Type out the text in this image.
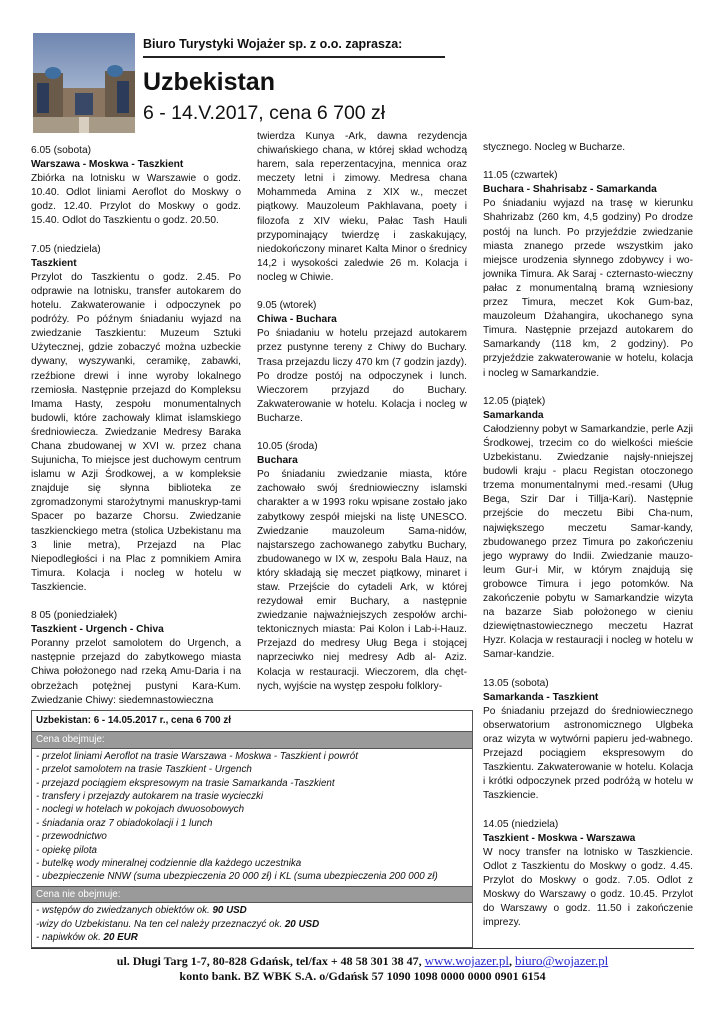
Biuro Turystyki Wojażer sp. z o.o. zaprasza:
Uzbekistan
6 - 14.V.2017, cena 6 700 zł
6.05 (sobota)
Warszawa - Moskwa - Taszkient
Zbiórka na lotnisku w Warszawie o godz. 10.40. Odlot liniami Aeroflot do Moskwy o godz. 12.40. Przylot do Moskwy o godz. 15.40. Odlot do Taszkientu o godz. 20.50.
7.05 (niedziela)
Taszkient
Przylot do Taszkientu o godz. 2.45. Po odprawie na lotnisku, transfer autokarem do hotelu. Zakwaterowanie i odpoczynek po podróży. Po późnym śniadaniu wyjazd na zwiedzanie Taszkientu: Muzeum Sztuki Użytecznej, gdzie zobaczyć można uzbeckie dywany, wyszywanki, ceramikę, zabawki, rzeźbione drewi i inne wyroby lokalnego rzemiosła. Następnie przejazd do Kompleksu Imama Hasty, zespołu monumentalnych budowli, które zachowały klimat islamskiego średniowiecza. Zwiedzanie Medresy Baraka Chana zbudowanej w XVI w. przez chana Sujunicha, To miejsce jest duchowym centrum islamu w Azji Środkowej, a w kompleksie znajduje się słynna biblioteka ze zgromadzonymi starożytnymi manuskryp-tami Spacer po bazarze Chorsu. Zwiedzanie taszkienckiego metra (stolica Uzbekistanu ma 3 linie metra), Przejazd na Plac Niepodległości i na Plac z pomnikiem Amira Timura. Kolacja i nocleg w hotelu w Taszkiencie.
8 05 (poniedziałek)
Taszkient - Urgench - Chiva
Poranny przelot samolotem do Urgench, a następnie przejazd do zabytkowego miasta Chiwa położonego nad rzeką Amu-Daria i na obrzeżach potężnej pustyni Kara-Kum. Zwiedzanie Chiwy: siedemnastowieczna
twierdza Kunya -Ark, dawna rezydencja chiwańskiego chana, w której skład wchodzą harem, sala reperzentacyjna, mennica oraz meczety letni i zimowy. Medresa chana Mohammeda Amina z XIX w., meczet piątkowy. Mauzoleum Pakhlavana, poety i filozofa z XIV wieku, Pałac Tash Hauli przypominający twierdzę i zaskakujący, niedokończony minaret Kalta Minor o średnicy 14,2 i wysokości zaledwie 26 m. Kolacja i nocleg w Chiwie.
9.05 (wtorek)
Chiwa - Buchara
Po śniadaniu w hotelu przejazd autokarem przez pustynne tereny z Chiwy do Buchary. Trasa przejazdu liczy 470 km (7 godzin jazdy). Po drodze postój na odpoczynek i lunch. Wieczorem przyjazd do Buchary. Zakwaterowanie w hotelu. Kolacja i nocleg w Bucharze.
10.05 (środa)
Buchara
Po śniadaniu zwiedzanie miasta, które zachowało swój średniowieczny islamski charakter a w 1993 roku wpisane zostało jako zabytkowy zespół miejski na listę UNESCO. Zwiedzanie mauzoleum Sama-nidów, najstarszego zachowanego zabytku Buchary, zbudowanego w IX w, zespołu Bala Hauz, na który składają się meczet piątkowy, minaret i staw. Przejście do cytadeli Ark, w której rezydował emir Buchary, a następnie zwiedzanie najważniejszych zespołów archi-tektonicznych miasta: Pai Kolon i Lab-i-Hauz. Przejazd do medresy Uług Bega i stojącej naprzeciwko niej medresy Adb al- Aziz. Kolacja w restauracji. Wieczorem, dla chęt-nych, wyjście na występ zespołu folklory-
stycznego. Nocleg w Bucharze.
11.05 (czwartek)
Buchara - Shahrisabz - Samarkanda
Po śniadaniu wyjazd na trasę w kierunku Shahrizabz (260 km, 4,5 godziny) Po drodze postój na lunch. Po przyjeździe zwiedzanie miasta znanego przede wszystkim jako miejsce urodzenia słynnego zdobywcy i wo-jownika Timura. Ak Saraj - czternasto-wieczny pałac z monumentalną bramą wzniesiony przez Timura, meczet Kok Gum-baz, mauzoleum Dżahangira, ukochanego syna Timura. Następnie przejazd autokarem do Samarkandy (118 km, 2 godziny). Po przyjeździe zakwaterowanie w hotelu, kolacja i nocleg w Samarkandzie.
12.05 (piątek)
Samarkanda
Całodzienny pobyt w Samarkandzie, perle Azji Środkowej, trzecim co do wielkości mieście Uzbekistanu. Zwiedzanie najsły-nniejszej budowli kraju - placu Registan otoczonego trzema monumentalnymi med.-resami (Uług Bega, Szir Dar i Tillja-Kari). Następnie przejście do meczetu Bibi Cha-num, największego meczetu Samar-kandy, zbudowanego przez Timura po zakończeniu jego wyprawy do Indii. Zwiedzanie mauzo-leum Gur-i Mir, w którym znajdują się grobowce Timura i jego potomków. Na zakończenie pobytu w Samarkandzie wizyta na bazarze Siab położonego w cieniu dziewiętnastowiecznego meczetu Hazrat Hyzr. Kolacja w restauracji i nocleg w hotelu w Samar-kandzie.
13.05 (sobota)
Samarkanda - Taszkient
Po śniadaniu przejazd do średniowiecznego obserwatorium astronomicznego Ulgbeka oraz wizyta w wytwórni papieru jed-wabnego. Przejazd pociągiem ekspresowym do Taszkientu. Zakwaterowanie w hotelu. Kolacja i krótki odpoczynek przed podróżą w hotelu w Taszkiencie.
14.05 (niedziela)
Taszkient - Moskwa - Warszawa
W nocy transfer na lotnisko w Taszkiencie. Odlot z Taszkientu do Moskwy o godz. 4.45. Przylot do Moskwy o godz. 7.05. Odlot z Moskwy do Warszawy o godz. 10.45. Przylot do Warszawy o godz. 11.50 i zakończenie imprezy.
Uzbekistan: 6 - 14.05.2017 r., cena 6 700 zł
Cena obejmuje:
- przelot liniami Aeroflot na trasie Warszawa - Moskwa - Taszkient i powrót
- przelot samolotem na trasie Taszkient - Urgench
- przejazd pociągiem ekspresowym na trasie Samarkanda -Taszkient
- transfery i przejazdy autokarem na trasie wycieczki
- noclegi w hotelach w pokojach dwuosobowych
- śniadania oraz 7 obiadokolacji i 1 lunch
- przewodnictwo
- opiekę pilota
- butelkę wody mineralnej codziennie dla każdego uczestnika
- ubezpieczenie NNW (suma ubezpieczenia 20 000 zł) i KL (suma ubezpieczenia 200 000 zł)
Cena nie obejmuje:
- wstępów do zwiedzanych obiektów ok. 90 USD
-wizy do Uzbekistanu. Na ten cel należy przeznaczyć ok. 20 USD
- napiwków ok. 20 EUR
ul. Długi Targ 1-7, 80-828 Gdańsk, tel/fax + 48 58 301 38 47, www.wojazer.pl, biuro@wojazer.pl
konto bank. BZ WBK S.A. o/Gdańsk 57 1090 1098 0000 0000 0901 6154
